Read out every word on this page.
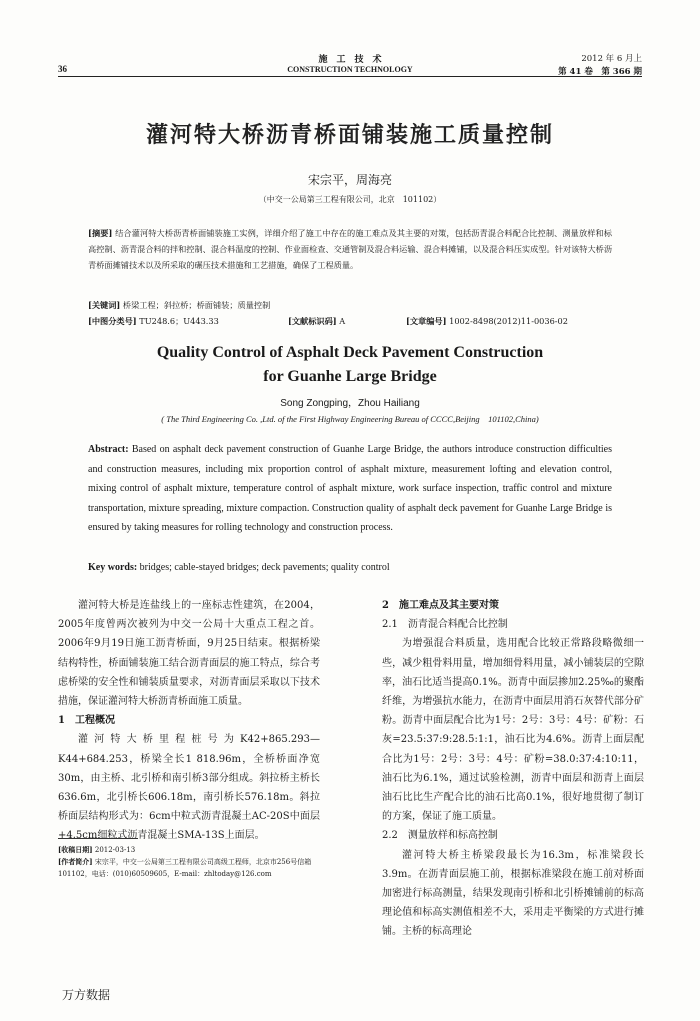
36
施　工　技　术
CONSTRUCTION TECHNOLOGY
2012 年 6 月上
第 41 卷　第 366 期
灌河特大桥沥青桥面铺装施工质量控制
宋宗平，周海亮
（中交一公局第三工程有限公司，北京　101102）
[摘要] 结合灌河特大桥沥青桥面铺装施工实例，详细介绍了施工中存在的施工难点及其主要的对策，包括沥青混合料配合比控制、测量放样和标高控制、沥青混合料的拌和控制、混合料温度的控制、作业面检查、交通管制及混合料运输、混合料摊铺，以及混合料压实成型。针对该特大桥沥青桥面摊铺技术以及所采取的碾压技术措施和工艺措施，确保了工程质量。
[关键词] 桥梁工程；斜拉桥；桥面铺装；质量控制
[中图分类号] TU248.6；U443.33	[文献标识码] A	[文章编号] 1002-8498(2012)11-0036-02
Quality Control of Asphalt Deck Pavement Construction
for Guanhe Large Bridge
Song Zongping，Zhou Hailiang
( The Third Engineering Co. ,Ltd. of the First Highway Engineering Bureau of CCCC,Beijing　101102,China)
Abstract: Based on asphalt deck pavement construction of Guanhe Large Bridge, the authors introduce construction difficulties and construction measures, including mix proportion control of asphalt mixture, measurement lofting and elevation control, mixing control of asphalt mixture, temperature control of asphalt mixture, work surface inspection, traffic control and mixture transportation, mixture spreading, mixture compaction. Construction quality of asphalt deck pavement for Guanhe Large Bridge is ensured by taking measures for rolling technology and construction process.
Key words: bridges; cable-stayed bridges; deck pavements; quality control

灌河特大桥是连盐线上的一座标志性建筑，在2004，2005年度曾两次被列为中交一公局十大重点工程之首。2006年9月19日施工沥青桥面，9月25日结束。根据桥梁结构特性，桥面铺装施工结合沥青面层的施工特点，综合考虑桥梁的安全性和铺装质量要求，对沥青面层采取以下技术措施，保证灌河特大桥沥青桥面施工质量。

1　工程概况

灌河特大桥里程桩号为K42+865.293—K44+684.253，桥梁全长1 818.96m，全桥桥面净宽30m，由主桥、北引桥和南引桥3部分组成。斜拉桥主桥长636.6m，北引桥长606.18m，南引桥长576.18m。斜拉桥面层结构形式为：6cm中粒式沥青混凝土AC-20S中面层+4.5cm细粒式沥青混凝土SMA-13S上面层。

2　施工难点及其主要对策
2.1　沥青混合料配合比控制

为增强混合料质量，选用配合比较正常路段略微细一些，减少粗骨料用量，增加细骨料用量，减小铺装层的空隙率，油石比适当提高0.1%。沥青中面层掺加2.25‰的聚酯纤维，为增强抗水能力，在沥青中面层用消石灰替代部分矿粉。沥青中面层配合比为1号：2号：3号：4号：矿粉：石灰=23.5:37:9:28.5:1:1，油石比为4.6%。沥青上面层配合比为1号：2号：3号：4号：矿粉=38.0:37:4:10:11，油石比为6.1%，通过试验检测，沥青中面层和沥青上面层油石比比生产配合比的油石比高0.1%，很好地贯彻了制订的方案，保证了施工质量。

2.2　测量放样和标高控制

灌河特大桥主桥梁段最长为16.3m，标准梁段长3.9m。在沥青面层施工前，根据标准梁段在施工前对桥面加密进行标高测量，结果发现南引桥和北引桥摊铺前的标高理论值和标高实测值相差不大，采用走平衡梁的方式进行摊铺。主桥的标高理论

[收稿日期] 2012-03-13
[作者简介] 宋宗平，中交一公局第三工程有限公司高级工程师，北京市256号信箱　101102，电话：(010)60509605，E-mail：zhltoday@126.com
万方数据
